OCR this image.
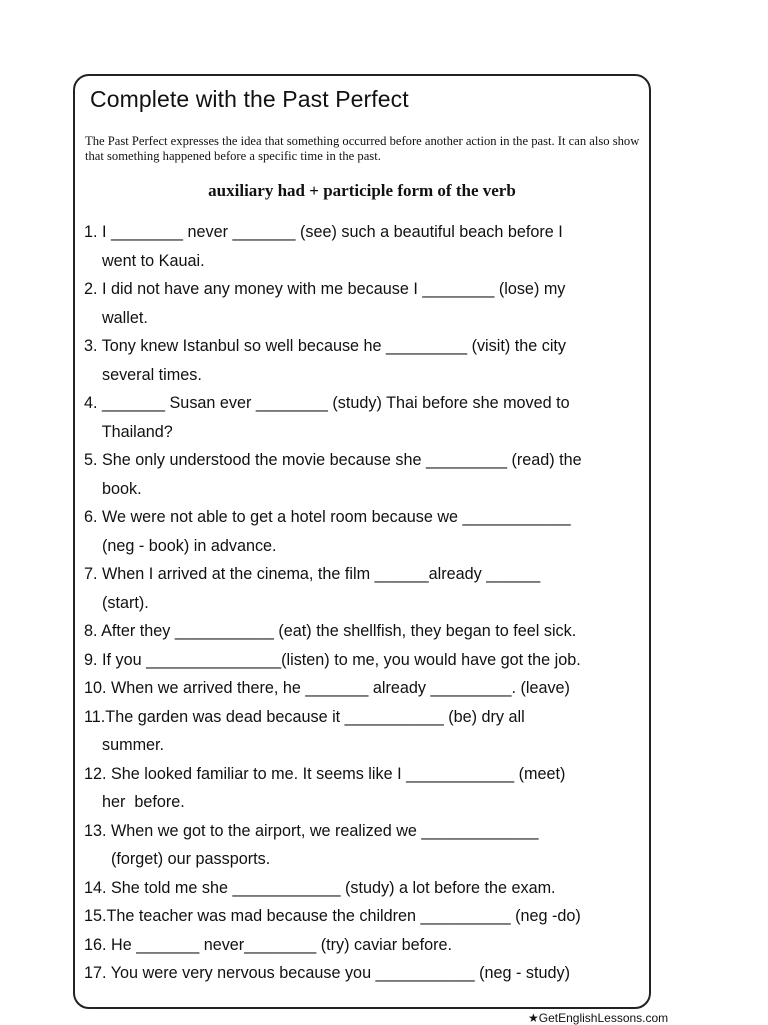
Complete with the Past Perfect

The Past Perfect expresses the idea that something occurred before another action in the past. It can also show that something happened before a specific time in the past.

auxiliary had + participle form of the verb

1. I ________ never _______ (see) such a beautiful beach before I
went to Kauai.
2. I did not have any money with me because I ________ (lose) my
wallet.
3. Tony knew Istanbul so well because he _________ (visit) the city
several times.
4. _______ Susan ever ________ (study) Thai before she moved to
Thailand?
5. She only understood the movie because she _________ (read) the
book.
6. We were not able to get a hotel room because we ____________
(neg - book) in advance.
7. When I arrived at the cinema, the film ______already ______
(start).
8. After they ___________ (eat) the shellfish, they began to feel sick.
9. If you _______________(listen) to me, you would have got the job.
10. When we arrived there, he _______ already _________. (leave)
11.The garden was dead because it ___________ (be) dry all
summer.
12. She looked familiar to me. It seems like I ____________ (meet)
her  before.
13. When we got to the airport, we realized we _____________
(forget) our passports.
14. She told me she ____________ (study) a lot before the exam.
15.The teacher was mad because the children __________ (neg -do)
16. He _______ never________ (try) caviar before.
17. You were very nervous because you ___________ (neg - study)
★GetEnglishLessons.com
